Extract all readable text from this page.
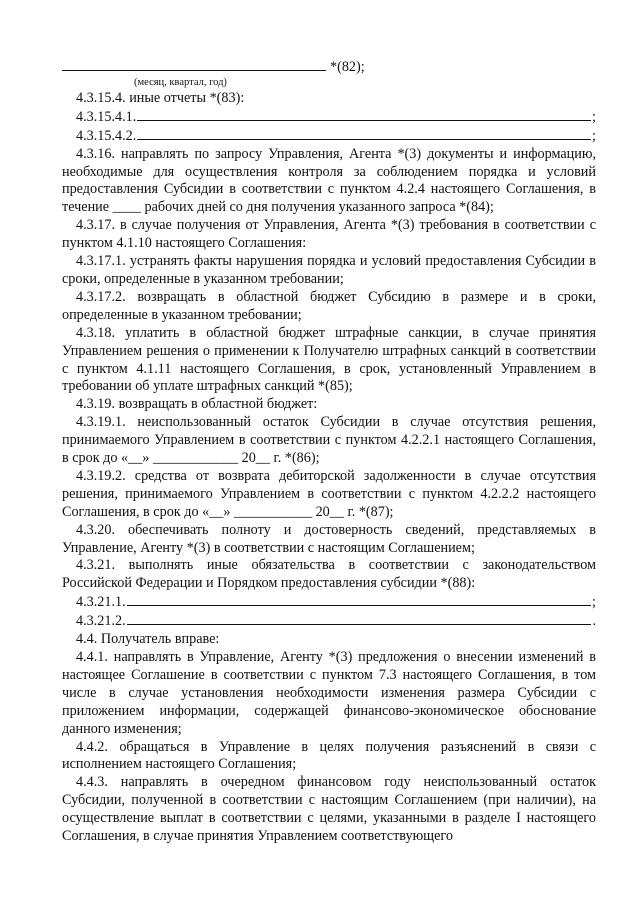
*(82);
(месяц, квартал, год)

4.3.15.4. иные отчеты *(83):

4.3.15.4.1.	;
4.3.15.4.2.	;

4.3.16. направлять по запросу Управления, Агента *(3) документы и информацию, необходимые для осуществления контроля за соблюдением порядка и условий предоставления Субсидии в соответствии с пунктом 4.2.4 настоящего Соглашения, в течение ____ рабочих дней со дня получения указанного запроса *(84);

4.3.17. в случае получения от Управления, Агента *(3) требования в соответствии с пунктом 4.1.10 настоящего Соглашения:

4.3.17.1. устранять факты нарушения порядка и условий предоставления Субсидии в сроки, определенные в указанном требовании;

4.3.17.2. возвращать в областной бюджет Субсидию в размере и в сроки, определенные в указанном требовании;

4.3.18. уплатить в областной бюджет штрафные санкции, в случае принятия Управлением решения о применении к Получателю штрафных санкций в соответствии с пунктом 4.1.11 настоящего Соглашения, в срок, установленный Управлением в требовании об уплате штрафных санкций *(85);

4.3.19. возвращать в областной бюджет:

4.3.19.1. неиспользованный остаток Субсидии в случае отсутствия решения, принимаемого Управлением в соответствии с пунктом 4.2.2.1 настоящего Соглашения, в срок до «__» ____________ 20__ г. *(86);

4.3.19.2. средства от возврата дебиторской задолженности в случае отсутствия решения, принимаемого Управлением в соответствии с пунктом 4.2.2.2 настоящего Соглашения, в срок до «__» ___________ 20__ г. *(87);

4.3.20. обеспечивать полноту и достоверность сведений, представляемых в Управление, Агенту *(3) в соответствии с настоящим Соглашением;

4.3.21. выполнять иные обязательства в соответствии с законодательством Российской Федерации и Порядком предоставления субсидии *(88):

4.3.21.1.	;
4.3.21.2.	.

4.4. Получатель вправе:

4.4.1. направлять в Управление, Агенту *(3) предложения о внесении изменений в настоящее Соглашение в соответствии с пунктом 7.3 настоящего Соглашения, в том числе в случае установления необходимости изменения размера Субсидии с приложением информации, содержащей финансово-экономическое обоснование данного изменения;

4.4.2. обращаться в Управление в целях получения разъяснений в связи с исполнением настоящего Соглашения;

4.4.3. направлять в очередном финансовом году неиспользованный остаток Субсидии, полученной в соответствии с настоящим Соглашением (при наличии), на осуществление выплат в соответствии с целями, указанными в разделе I настоящего Соглашения, в случае принятия Управлением соответствующего
